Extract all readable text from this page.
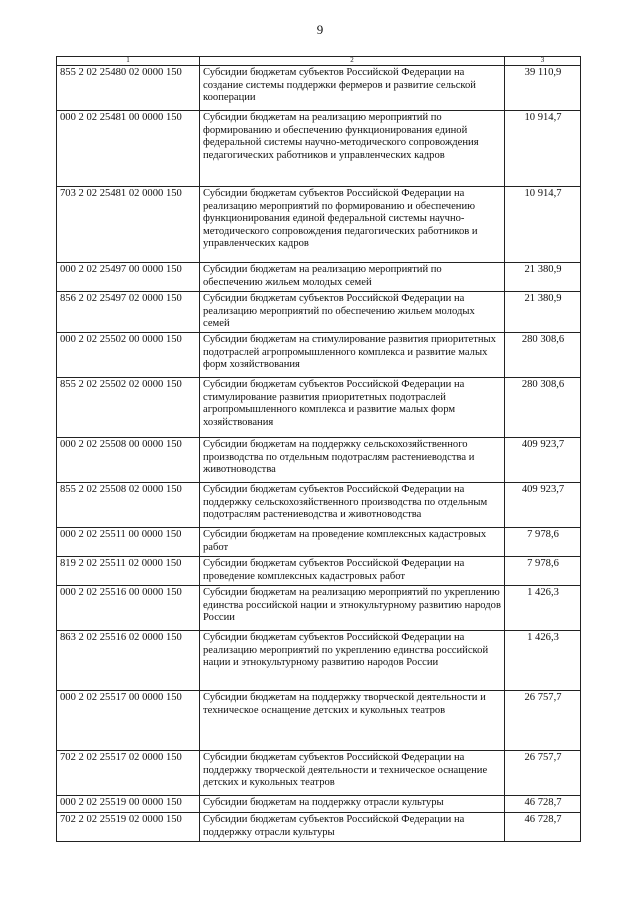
9
1	2	3
855 2 02 25480 02 0000 150	Субсидии бюджетам субъектов Российской Федерации на создание системы поддержки фермеров и развитие сельской кооперации	39 110,9
000 2 02 25481 00 0000 150	Субсидии бюджетам на реализацию мероприятий по формированию и обеспечению функционирования единой федеральной системы научно-методического сопровождения педагогических работников и управленческих кадров	10 914,7
703 2 02 25481 02 0000 150	Субсидии бюджетам субъектов Российской Федерации на реализацию мероприятий по формированию и обеспечению функционирования единой федеральной системы научно-методического сопровождения педагогических работников и управленческих кадров	10 914,7
000 2 02 25497 00 0000 150	Субсидии бюджетам на реализацию мероприятий по обеспечению жильем молодых семей	21 380,9
856 2 02 25497 02 0000 150	Субсидии бюджетам субъектов Российской Федерации на реализацию мероприятий по обеспечению жильем молодых семей	21 380,9
000 2 02 25502 00 0000 150	Субсидии бюджетам на стимулирование развития приоритетных подотраслей агропромышленного комплекса и развитие малых форм хозяйствования	280 308,6
855 2 02 25502 02 0000 150	Субсидии бюджетам субъектов Российской Федерации на стимулирование развития приоритетных подотраслей агропромышленного комплекса и развитие малых форм хозяйствования	280 308,6
000 2 02 25508 00 0000 150	Субсидии бюджетам на поддержку сельскохозяйственного производства по отдельным подотраслям растениеводства и животноводства	409 923,7
855 2 02 25508 02 0000 150	Субсидии бюджетам субъектов Российской Федерации на поддержку сельскохозяйственного производства по отдельным подотраслям растениеводства и животноводства	409 923,7
000 2 02 25511 00 0000 150	Субсидии бюджетам на проведение комплексных кадастровых работ	7 978,6
819 2 02 25511 02 0000 150	Субсидии бюджетам субъектов Российской Федерации на проведение комплексных кадастровых работ	7 978,6
000 2 02 25516 00 0000 150	Субсидии бюджетам на реализацию мероприятий по укреплению единства российской нации и этнокультурному развитию народов России	1 426,3
863 2 02 25516 02 0000 150	Субсидии бюджетам субъектов Российской Федерации на реализацию мероприятий по укреплению единства российской нации и этнокультурному развитию народов России	1 426,3
000 2 02 25517 00 0000 150	Субсидии бюджетам на поддержку творческой деятельности и техническое оснащение детских и кукольных театров	26 757,7
702 2 02 25517 02 0000 150	Субсидии бюджетам субъектов Российской Федерации на поддержку творческой деятельности и техническое оснащение детских и кукольных театров	26 757,7
000 2 02 25519 00 0000 150	Субсидии бюджетам на поддержку отрасли культуры	46 728,7
702 2 02 25519 02 0000 150	Субсидии бюджетам субъектов Российской Федерации на поддержку отрасли культуры	46 728,7
